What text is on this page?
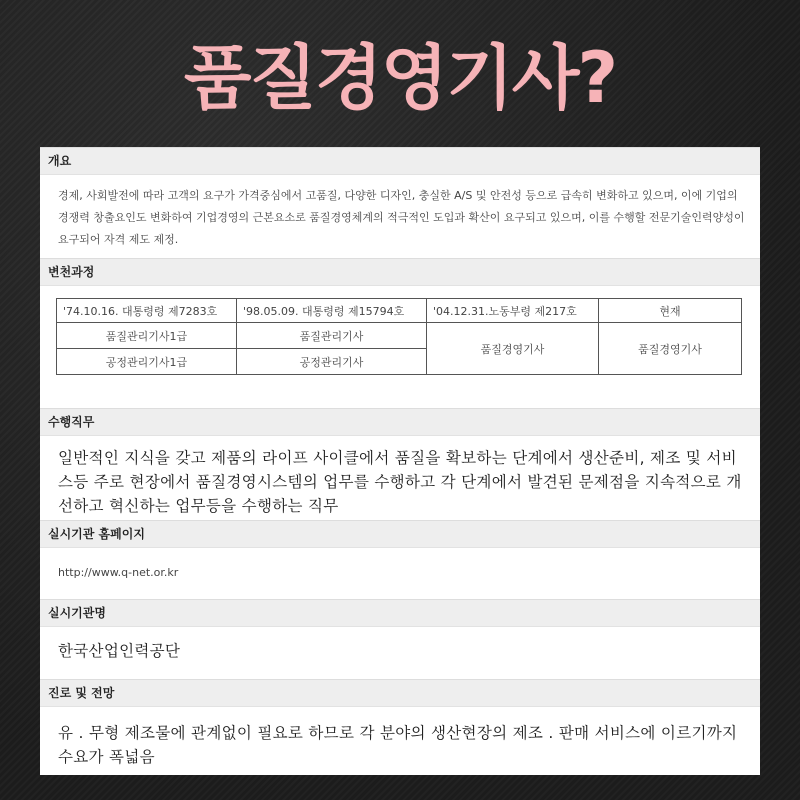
품질경영기사?
개요
경제, 사회발전에 따라 고객의 요구가 가격중심에서 고품질, 다양한 디자인, 충실한 A/S 및 안전성 등으로 급속히 변화하고 있으며, 이에 기업의 경쟁력 창출요인도 변화하여 기업경영의 근본요소로 품질경영체계의 적극적인 도입과 확산이 요구되고 있으며, 이를 수행할 전문기술인력양성이 요구되어 자격 제도 제정.
변천과정
'74.10.16. 대통령령 제7283호	'98.05.09. 대통령령 제15794호	'04.12.31.노동부령 제217호	현재
품질관리기사1급	품질관리기사	품질경영기사	품질경영기사
공정관리기사1급	공정관리기사		
수행직무
일반적인 지식을 갖고 제품의 라이프 사이클에서 품질을 확보하는 단계에서 생산준비, 제조 및 서비스등 주로 현장에서 품질경영시스템의 업무를 수행하고 각 단계에서 발견된 문제점을 지속적으로 개선하고 혁신하는 업무등을 수행하는 직무
실시기관 홈페이지
http://www.q-net.or.kr
실시기관명
한국산업인력공단
진로 및 전망
유 . 무형 제조물에 관계없이 필요로 하므로 각 분야의 생산현장의 제조 . 판매 서비스에 이르기까지 수요가 폭넓음
